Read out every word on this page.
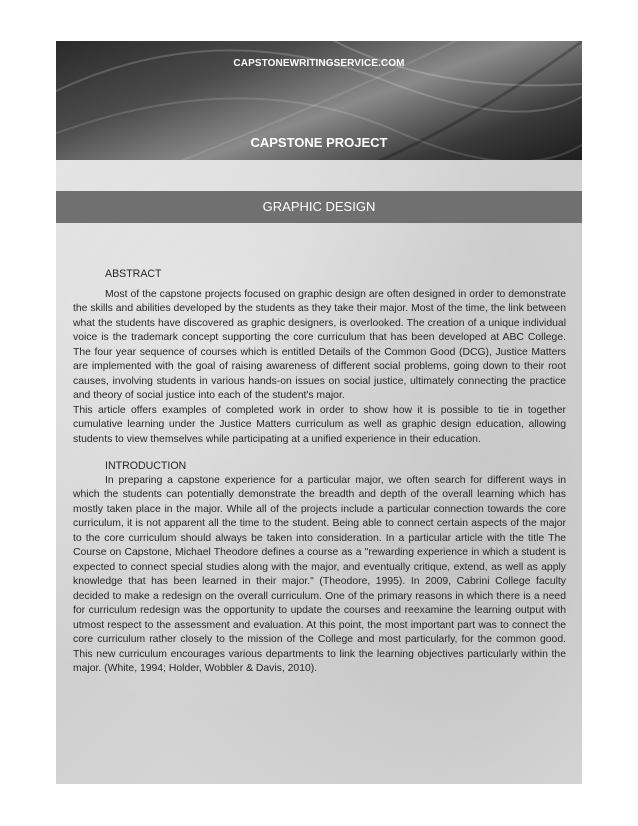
CAPSTONEWRITINGSERVICE.COM
CAPSTONE PROJECT
GRAPHIC DESIGN
ABSTRACT

Most of the capstone projects focused on graphic design are often designed in order to demonstrate the skills and abilities developed by the students as they take their major. Most of the time, the link between what the students have discovered as graphic designers, is overlooked. The creation of a unique individual voice is the trademark concept supporting the core curriculum that has been developed at ABC College. The four year sequence of courses which is entitled Details of the Common Good (DCG), Justice Matters are implemented with the goal of raising awareness of different social problems, going down to their root causes, involving students in various hands-on issues on social justice, ultimately connecting the practice and theory of social justice into each of the student's major.

This article offers examples of completed work in order to show how it is possible to tie in together cumulative learning under the Justice Matters curriculum as well as graphic design education, allowing students to view themselves while participating at a unified experience in their education.

INTRODUCTION

In preparing a capstone experience for a particular major, we often search for different ways in which the students can potentially demonstrate the breadth and depth of the overall learning which has mostly taken place in the major. While all of the projects include a particular connection towards the core curriculum, it is not apparent all the time to the student. Being able to connect certain aspects of the major to the core curriculum should always be taken into consideration. In a particular article with the title The Course on Capstone, Michael Theodore defines a course as a "rewarding experience in which a student is expected to connect special studies along with the major, and eventually critique, extend, as well as apply knowledge that has been learned in their major." (Theodore, 1995). In 2009, Cabrini College faculty decided to make a redesign on the overall curriculum. One of the primary reasons in which there is a need for curriculum redesign was the opportunity to update the courses and reexamine the learning output with utmost respect to the assessment and evaluation. At this point, the most important part was to connect the core curriculum rather closely to the mission of the College and most particularly, for the common good. This new curriculum encourages various departments to link the learning objectives particularly within the major. (White, 1994; Holder, Wobbler & Davis, 2010).
